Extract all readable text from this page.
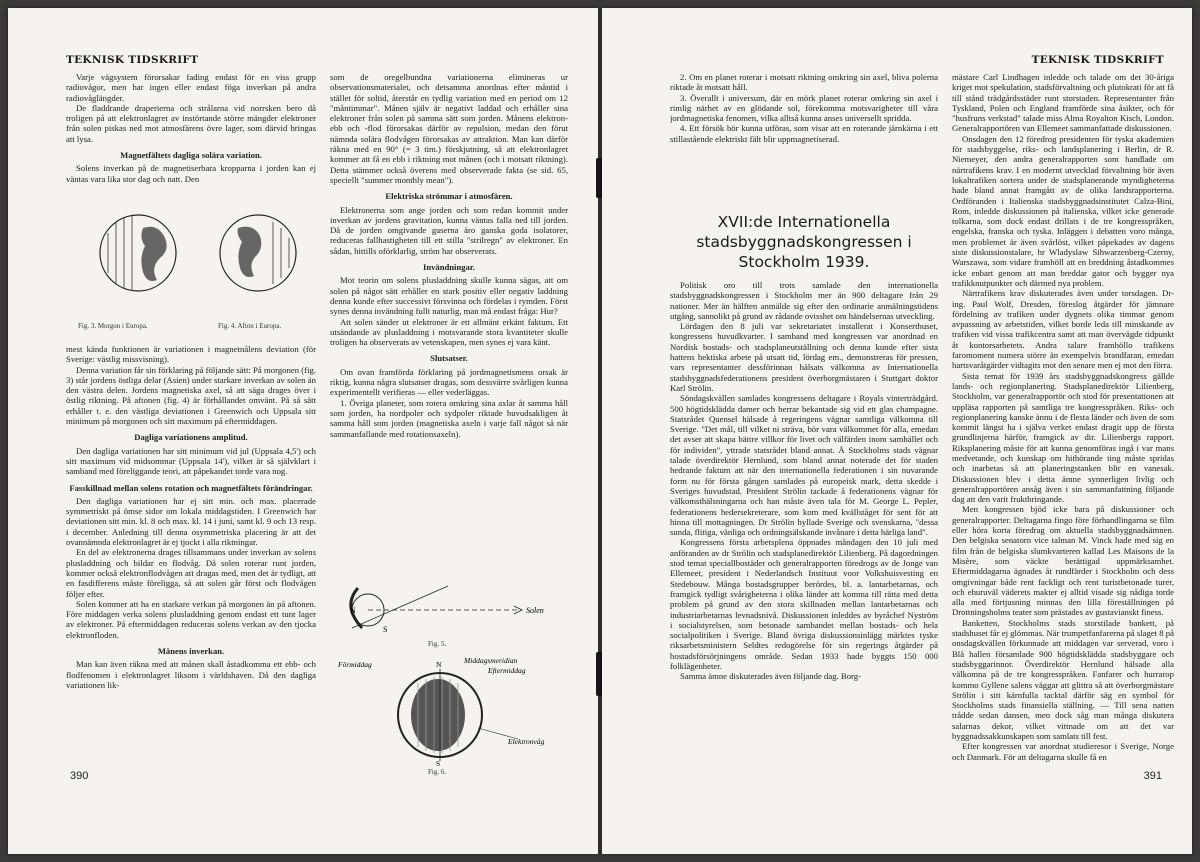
TEKNISK TIDSKRIFT

Varje vägsystem förorsakar fading endast för en viss grupp radiovågor, men har ingen eller endast föga inverkan på andra radiovåglängder.

De fladdrande draperierna och strålarna vid norrsken bero då troligen på att elektronlagret av instörtande större mängder elektroner från solen piskas ned mot atmosfärens övre lager, som därvid bringas att lysa.

Magnetfältets dagliga solära variation.

Solens inverkan på de magnetiserbara kropparna i jorden kan ej väntas vara lika stor dag och natt. Den

Fig. 3. Morgon i Europa.	Fig. 4. Afton i Europa.

mest kända funktionen är variationen i magnetnålens deviation (för Sverige: västlig missvisning).

Denna variation får sin förklaring på följande sätt: På morgonen (fig. 3) står jordens östliga delar (Asien) under starkare inverkan av solen än den västra delen. Jordens magnetiska axel, så att säga drages över i östlig riktning. På aftonen (fig. 4) är förhållandet omvänt. På så sätt erhåller t. e. den västliga deviationen i Greenwich och Uppsala sitt minimum på morgonen och sitt maximum på eftermiddagen.

Dagliga variationens amplitud.

Den dagliga variationen har sitt minimum vid jul (Uppsala 4,5') och sitt maximum vid midsommar (Uppsala 14'), vilket är så självklart i samband med föreliggande teori, att påpekandet torde vara nog.

Fasskillnad mellan solens rotation och magnetfältets förändringar.

Den dagliga variationen har ej sitt min. och max. placerade symmetriskt på ömse sidor om lokala middagstiden. I Greenwich har deviationen sitt min. kl. 8 och max. kl. 14 i juni, samt kl. 9 och 13 resp. i december. Anledning till denna osymmetriska placering är att det ovannämnda elektronlagret är ej tjockt i alla riktningar.

En del av elektronerna drages tillsammans under inverkan av solens plusladdning och bildar en flodvåg. Då solen roterar runt jorden, kommer också elektronflodvågen att dragas med, men det är tydligt, att en fasdifferens måste föreligga, så att solen går först och flodvågen följer efter.

Solen kommer att ha en starkare verkan på morgonen än på aftonen. Före middagen verka solens plusladdning genom endast ett tunt lager av elektroner. På eftermiddagen reduceras solens verkan av den tjocka elektronfloden.

Månens inverkan.

Man kan även räkna med att månen skall åstadkomma ett ebb- och flodfenomen i elektronlagret liksom i världshaven. Då den dagliga variationen lik-

som de oregelbundna variationerna elimineras ur observationsmaterialet, och detsamma anordnas efter måntid i stället för soltid, återstår en tydlig variation med en period om 12 "måntimmar". Månen själv är negativt laddad och erhåller sina elektroner från solen på samma sätt som jorden. Månens elektron-ebb och -flod förorsakas därför av repulsion, medan den förut nämnda solära flodvågen förorsakas av attraktion. Man kan därför räkna med en 90° (= 3 tim.) förskjutning, så att elektronlagret kommer att få en ebb i riktning mot månen (och i motsatt riktning). Detta stämmer också överens med observerade fakta (se sid. 65, speciellt "summer monthly mean").

Elektriska strömmar i atmosfären.

Elektronerna som ange jorden och som redan kommit under inverkan av jordens gravitation, kunna väntas falla ned till jorden. Då de jorden omgivande gaserna äro ganska goda isolatorer, reduceras fallhastigheten till ett stilla "strilregn" av elektroner. En sådan, hittills oförklarlig, ström har observerats.

Invändningar.

Mot teorin om solens plusladdning skulle kunna sägas, att om solen på något sätt erhåller en stark positiv eller negativ laddning denna kunde efter successivt försvinna och fördelas i rymden. Först synes denna invändning fullt naturlig, man må endast fråga: Hur?

Att solen sänder ut elektroner är ett allmänt erkänt faktum. Ett utsändande av plusladdning i motsvarande stora kvantiteter skulle troligen ha observerats av vetenskapen, men synes ej vara känt.

Slutsatser.

Om ovan framförda förklaring på jordmagnetismens orsak är riktig, kunna några slutsatser dragas, som dessvärre svårligen kunna experimentellt verifieras — eller vederläggas.

1. Övriga planeter, som rotera omkring sina axlar åt samma håll som jorden, ha nordpoler och sydpoler riktade huvudsakligen åt samma håll som jorden (magnetiska axeln i varje fall något så när sammanfallande med rotationsaxeln).

Solen
N
S
Fig. 5.
Förmiddag	N	Middagsmeridian
Eftermiddag
Elektronvåg
S
Fig. 6.
390
TEKNISK TIDSKRIFT

2. Om en planet roterar i motsatt riktning omkring sin axel, bliva polerna riktade åt motsatt håll.

3. Överallt i universum, där en mörk planet roterar omkring sin axel i rimlig närhet av en glödande sol, förekomma motsvarigheter till våra jordmagnetiska fenomen, vilka alltså kunna anses universellt spridda.

4. Ett försök bör kunna utföras, som visar att en roterande järnkärna i ett stillastående elektriskt fält blir uppmagnetiserad.

XVII:de Internationella stadsbyggnadskongressen i Stockholm 1939.

Politisk oro till trots samlade den internationella stadsbyggnadskongressen i Stockholm mer än 900 deltagare från 29 nationer. Mer än hälften anmälde sig efter den ordinarie anmälningstidens utgång, sannolikt på grund av rådande ovisshet om händelsernas utveckling.

Lördagen den 8 juli var sekretariatet installerat i Konserthuset, kongressens huvudkvarter. I samband med kongressen var anordnad en Nordisk bostads- och stadsplaneutställning och denna kunde efter sista hattens hektiska arbete på utsatt tid, lördag em., demonstreras för pressen, vars representanter dessförinnan hälsats välkomna av Internationella stadsbyggnadsfederationens president överborgmästaren i Stuttgart doktor Karl Strölin.

Söndagskvällen samlades kongressens deltagare i Royals vinterträdgård. 500 högtidsklädda damer och herrar bekantade sig vid ett glas champagne. Statsrådet Quensel hälsade å regeringens vägnar samtliga välkomna till Sverige. "Det mål, till vilket ni sträva, bör vara välkommet för alla, emedan det avser att skapa bättre villkor för livet och välfärden inom samhället och för individen", yttrade statsrådet bland annat. Å Stockholms stads vägnar talade överdirektör Hernlund, som bland annat noterade det för staden hedrande faktum att när den internationella federationen i sin nuvarande form nu för första gången samlades på europeisk mark, detta skedde i Sveriges huvudstad. President Strölin tackade å federationens vägnar för välkomsthälsningarna och han måste även tala för M. George L. Pepler, federationens hedersekreterare, som kom med kvällståget för sent för att hinna till mottagningen. Dr Strölin hyllade Sverige och svenskarna, "dessa sunda, flitiga, vänliga och ordningsälskande invånare i detta härliga land".

Kongressens första arbetsplena öppnades måndagen den 10 juli med anföranden av dr Strölin och stadsplanedirektör Lilienberg. På dagordningen stod temat speciallbostäder och generalrapporten föredrogs av de Jonge van Ellemeet, president i Nederlandsch Instituut voor Volkshuisvesting en Stedebouw. Många bostadsgrupper berördes, bl. a. lantarbetarnas, och framgick tydligt svårigheterna i olika länder att komma till rätta med detta problem på grund av den stora skillnaden mellan lantarbetarnas och industriarbetarnas levnadsnivå. Diskussionen inleddes av byråchef Nyström i socialstyrelsen, som betonade sambandet mellan bostads- och hela socialpolitiken i Sverige. Bland övriga diskussionsinlägg märktes tyske riksarbetsministern Seldtes redogörelse för sin regerings åtgärder på bostadsförsörjningens område. Sedan 1933 hade byggts 150 000 folklägenheter.

Samma ämne diskuterades även följande dag. Borg-

mästare Carl Lindhagen inledde och talade om det 30-åriga kriget mot spekulation, stadsförvaltning och plutokrati för att få till stånd trädgårdsstäder runt storstaden. Representanter från Tyskland, Polen och England framförde sina åsikter, och för "husfruns verkstad" talade miss Alma Royalton Kisch, London. Generalrapportören van Ellemeet sammanfattade diskussionen.

Onsdagen den 12 föredrog presidenten för tyska akademien för stadsbyggelse, riks- och landsplanering i Berlin, dr R. Niemeyer, den andra generalrapporten som handlade om närtrafikens krav. I en modernt utvecklad förvaltning bör även lokaltrafiken sortera under de stadsplanerande myndigheterna hade bland annat framgått av de olika landsrapporterna. Ordföranden i Italienska stadsbyggnadsinstitutet Calza-Bini, Rom, inledde diskussionen på italienska, vilket icke generade tolkarna, som dock endast drillats i de tre kongresspråken, engelska, franska och tyska. Inläggen i debatten voro många, men problemet är även svårlöst, vilket påpekades av dagens siste diskussionstalare, hr Wladyslaw Sihwarzenberg-Czerny, Warszawa, som vidare framhöll att en breddning åstadkommes icke enbart genom att man breddar gator och bygger nya trafikknutpunkter och därmed nya problem.

Närtrafikens krav diskuterades även under torsdagen. Dr-ing. Paul Wolf, Dresden, föreslog åtgärder för jämnare fördelning av trafiken under dygnets olika timmar genom avpassning av arbetstiden, vilket borde leda till minskande av trafiken vid vissa trafikcentra samt att man övervägde tidpunkt åt kontorsarbetets. Andra talare framhöllo trafikens faromoment numera större än exempelvis brandfaran, emedan hartsvaråtgärder vidtagits mot den senare men ej mot den förra.

Sista temat för 1939 års stadsbyggnadskongress gällde lands- och regionplanering. Stadsplanedirektör Lilienberg, Stockholm, var generalrapportör och stod för presentationen att uppläsa rapporten på samtliga tre kongresspråken. Riks- och regionplanering kanske ännu i de flesta länder och även de som kommit längst ha i själva verket endast dragit upp de första grundlinjerna härför, framgick av dir. Lilienbergs rapport. Riksplanering måste för att kunna genomföras ingå i var mans medvetande, och kunskap om hithörande ting måste spridas och inarbetas så att planeringstanken blir en vanesak. Diskussionen blev i detta ämne synnerligen livlig och generalrapportören ansåg även i sin sammanfattning följande dag att den varit fruktbringande.

Men kongressen bjöd icke bara på diskussioner och generalrapporter. Deltagarna fingo före förhandlingarna se film eller höra korta föredrag om aktuella stadsbyggnadsämnen. Den belgiska senatorn vice talman M. Vinck hade med sig en film från de belgiska slumkvarteren kallad Les Maisons de la Misère, som väckte berättigad uppmärksamhet. Eftermiddagarna ägnades åt rundfärder i Stockholm och dess omgivningar både rent fackligt och rent turistbetonade turer, och ehuruväl väderets makter ej alltid visade sig nådiga torde alla med förtjusning minnas den lilla föreställningen på Drottningsholms teater som prästades av gustavianskt finess.

Banketten, Stockholms stads storstilade bankett, på stadshuset får ej glömmas. När trumpetfanfarerna på slaget 8 på onsdagskvällen förkunnade att middagen var serverad, voro i Blå hallen församlade 900 högtidsklädda stadsbyggare och stadsbyggarinnor. Överdirektör Hernlund hälsade alla välkomna på de tre kongresspråken. Fanfarer och hurrarop kommo Gyllene salens väggar att glittra så att överborgmästare Strölin i sitt kärnfulla tacktal därför säg en symbol för Stockholms stads finansiella ställning. — Till sena natten trådde sedan dansen, men dock såg man många diskutera salarnas dekor, vilket vittnade om att det var byggnadssakkunskapen som samlats till fest.

Efter kongressen var anordnat studieresor i Sverige, Norge och Danmark. För att deltagarna skulle få en

391
